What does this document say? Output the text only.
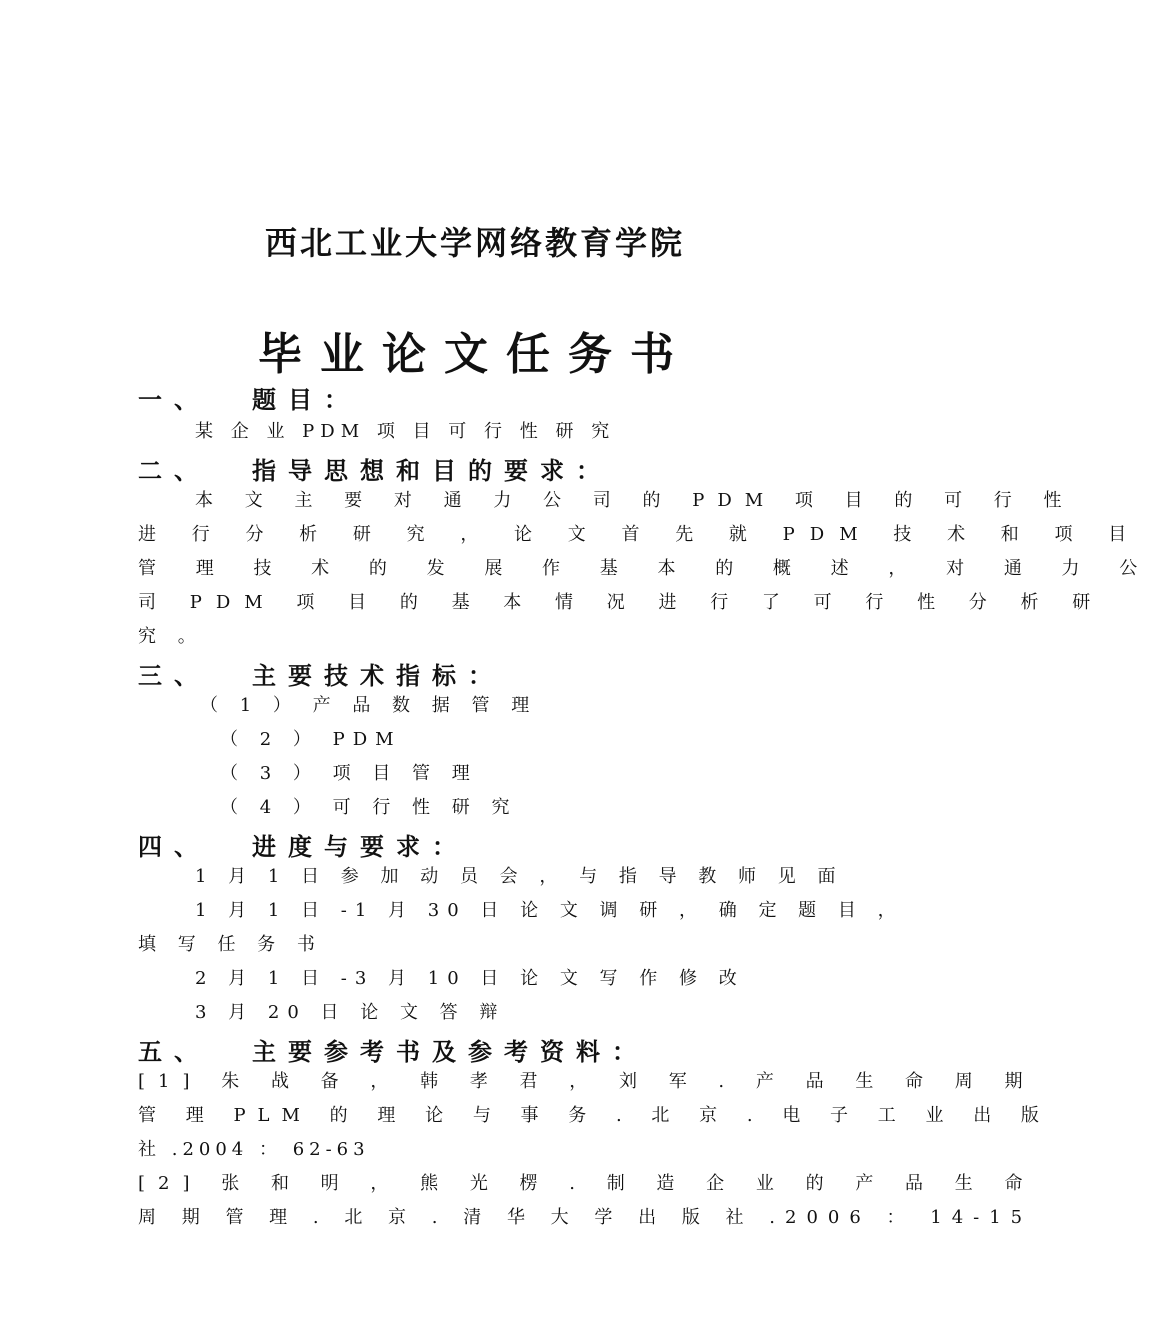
西北工业大学网络教育学院
毕业论文任务书
一、 题目：
某 企 业 PDM 项 目 可 行 性 研 究
二、 指导思想和目的要求：
本 文 主 要 对 通 力 公 司 的 PDM 项 目 的 可 行 性
进 行 分 析 研 究 ， 论 文 首 先 就 PDM 技 术 和 项 目
管 理 技 术 的 发 展 作 基 本 的 概 述 ， 对 通 力 公
司 PDM 项 目 的 基 本 情 况 进 行 了 可 行 性 分 析 研
究 。
三、 主要技术指标：
（ 1 ） 产 品 数 据 管 理
（ 2 ） PDM
（ 3 ） 项 目 管 理
（ 4 ） 可 行 性 研 究
四、 进度与要求：
1 月 1 日 参 加 动 员 会 ， 与 指 导 教 师 见 面
1 月 1 日 -1 月 30 日 论 文 调 研 ， 确 定 题 目 ，
填 写 任 务 书
2 月 1 日 -3 月 10 日 论 文 写 作 修 改
3 月 20 日 论 文 答 辩
五、 主要参考书及参考资料：
[1] 朱 战 备 ， 韩 孝 君 ， 刘 军 . 产 品 生 命 周 期
管 理 PLM 的 理 论 与 事 务 . 北 京 . 电 子 工 业 出 版
社 .2004 ： 62-63
[2] 张 和 明 ， 熊 光 楞 . 制 造 企 业 的 产 品 生 命
周 期 管 理 . 北 京 . 清 华 大 学 出 版 社 .2006 ： 14-15
